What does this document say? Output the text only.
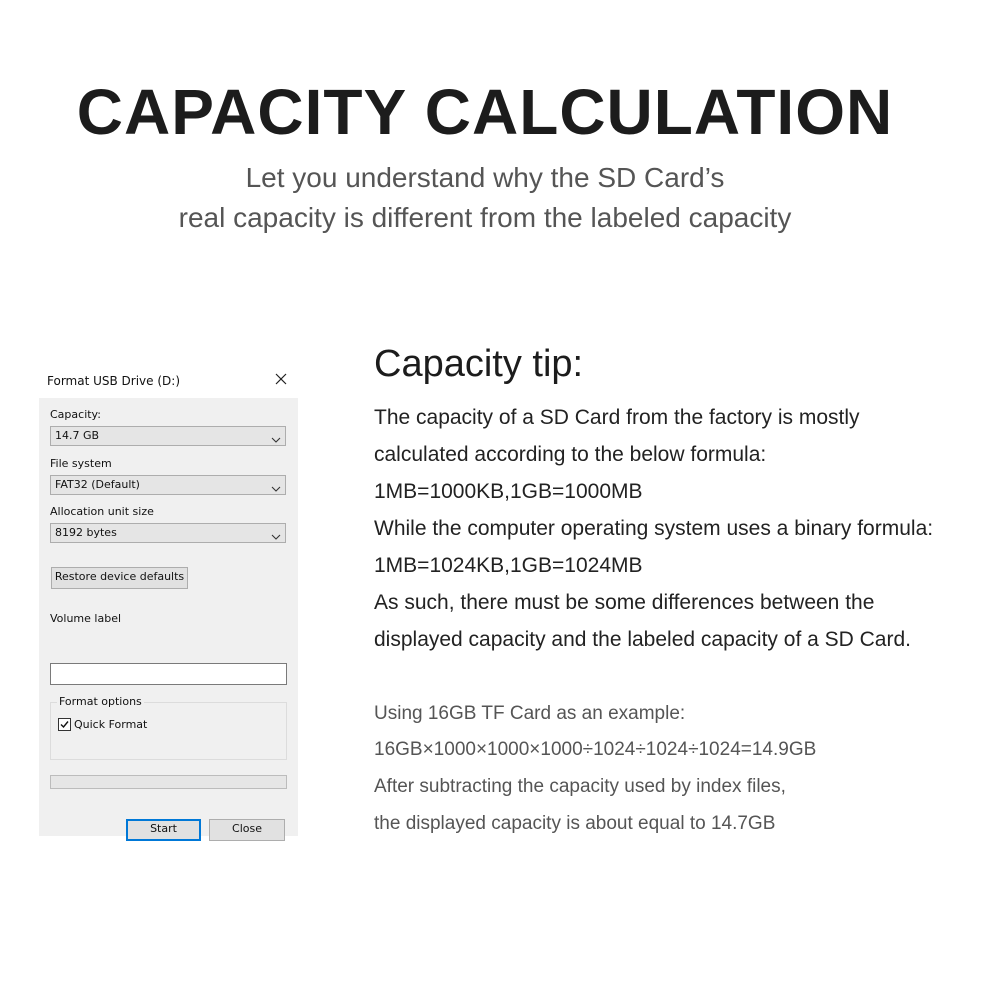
CAPACITY CALCULATION
Let you understand why the SD Card’s
real capacity is different from the labeled capacity
Format USB Drive (D:)
Capacity:
14.7 GB
File system
FAT32 (Default)
Allocation unit size
8192 bytes
Restore device defaults
Volume label
Format options
Quick Format
Start	Close
Capacity tip:
The capacity of a SD Card from the factory is mostly
calculated according to the below formula:
1MB=1000KB,1GB=1000MB
While the computer operating system uses a binary formula:
1MB=1024KB,1GB=1024MB
As such, there must be some differences between the
displayed capacity and the labeled capacity of a SD Card.
Using 16GB TF Card as an example:
16GB×1000×1000×1000÷1024÷1024÷1024=14.9GB
After subtracting the capacity used by index files,
the displayed capacity is about equal to 14.7GB
